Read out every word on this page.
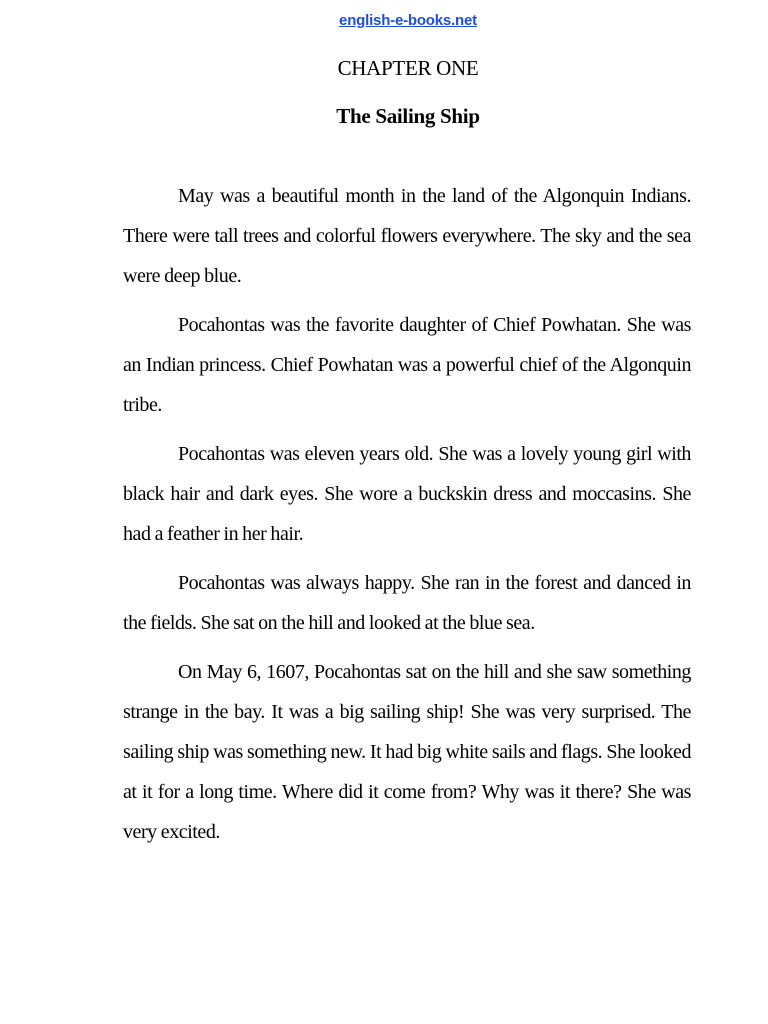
english-e-books.net
CHAPTER ONE
The Sailing Ship

May was a beautiful month in the land of the Algonquin Indians. There were tall trees and colorful flowers everywhere. The sky and the sea were deep blue.

Pocahontas was the favorite daughter of Chief Powhatan. She was an Indian princess. Chief Powhatan was a powerful chief of the Algonquin tribe.

Pocahontas was eleven years old. She was a lovely young girl with black hair and dark eyes. She wore a buckskin dress and moccasins. She had a feather in her hair.

Pocahontas was always happy. She ran in the forest and danced in the fields. She sat on the hill and looked at the blue sea.

On May 6, 1607, Pocahontas sat on the hill and she saw something strange in the bay. It was a big sailing ship! She was very surprised. The sailing ship was something new. It had big white sails and flags. She looked at it for a long time. Where did it come from? Why was it there? She was very excited.
